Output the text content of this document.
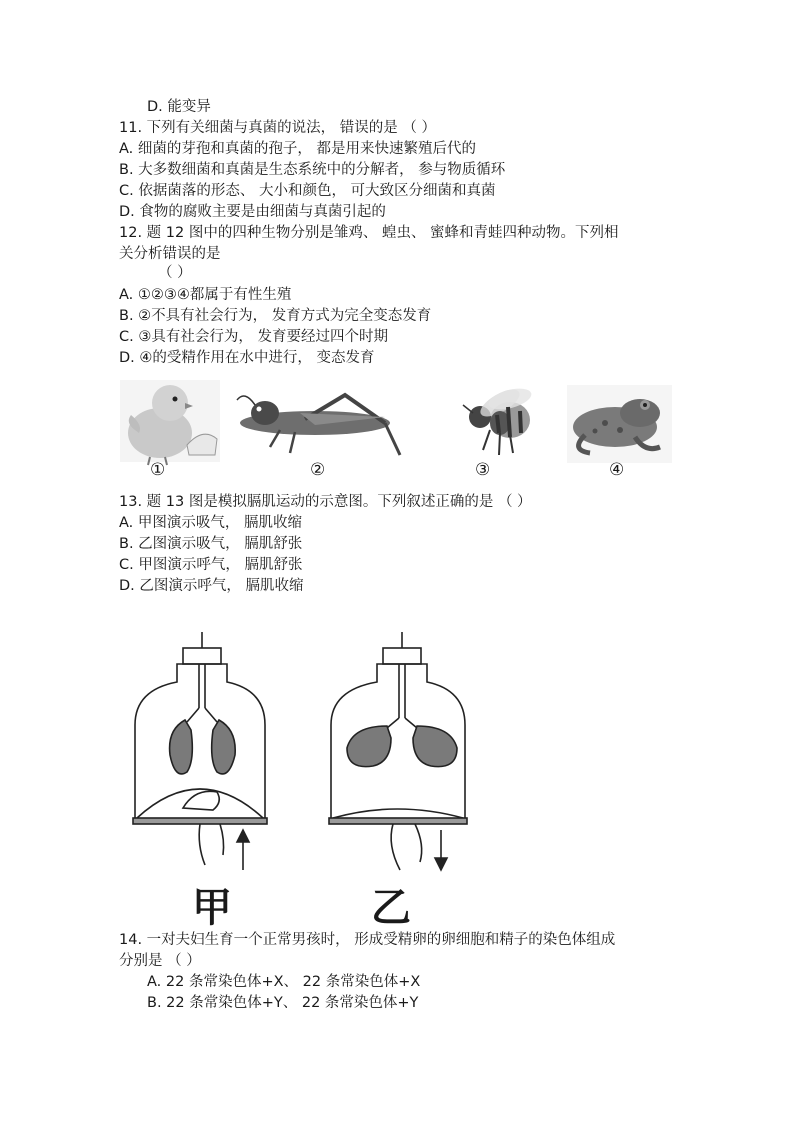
D. 能变异
11. 下列有关细菌与真菌的说法， 错误的是 （ ）
A. 细菌的芽孢和真菌的孢子， 都是用来快速繁殖后代的
B. 大多数细菌和真菌是生态系统中的分解者， 参与物质循环
C. 依据菌落的形态、 大小和颜色， 可大致区分细菌和真菌
D. 食物的腐败主要是由细菌与真菌引起的
12. 题 12 图中的四种生物分别是雏鸡、 蝗虫、 蜜蜂和青蛙四种动物。下列相
关分析错误的是
（ ）
A. ①②③④都属于有性生殖
B. ②不具有社会行为， 发育方式为完全变态发育
C. ③具有社会行为， 发育要经过四个时期
D. ④的受精作用在水中进行， 变态发育
①	②	③	④
13. 题 13 图是模拟膈肌运动的示意图。下列叙述正确的是 （ ）
A. 甲图演示吸气， 膈肌收缩
B. 乙图演示吸气， 膈肌舒张
C. 甲图演示呼气， 膈肌舒张
D. 乙图演示呼气， 膈肌收缩
甲	乙
14. 一对夫妇生育一个正常男孩时， 形成受精卵的卵细胞和精子的染色体组成
分别是 （ ）
A. 22 条常染色体+X、 22 条常染色体+X
B. 22 条常染色体+Y、 22 条常染色体+Y
